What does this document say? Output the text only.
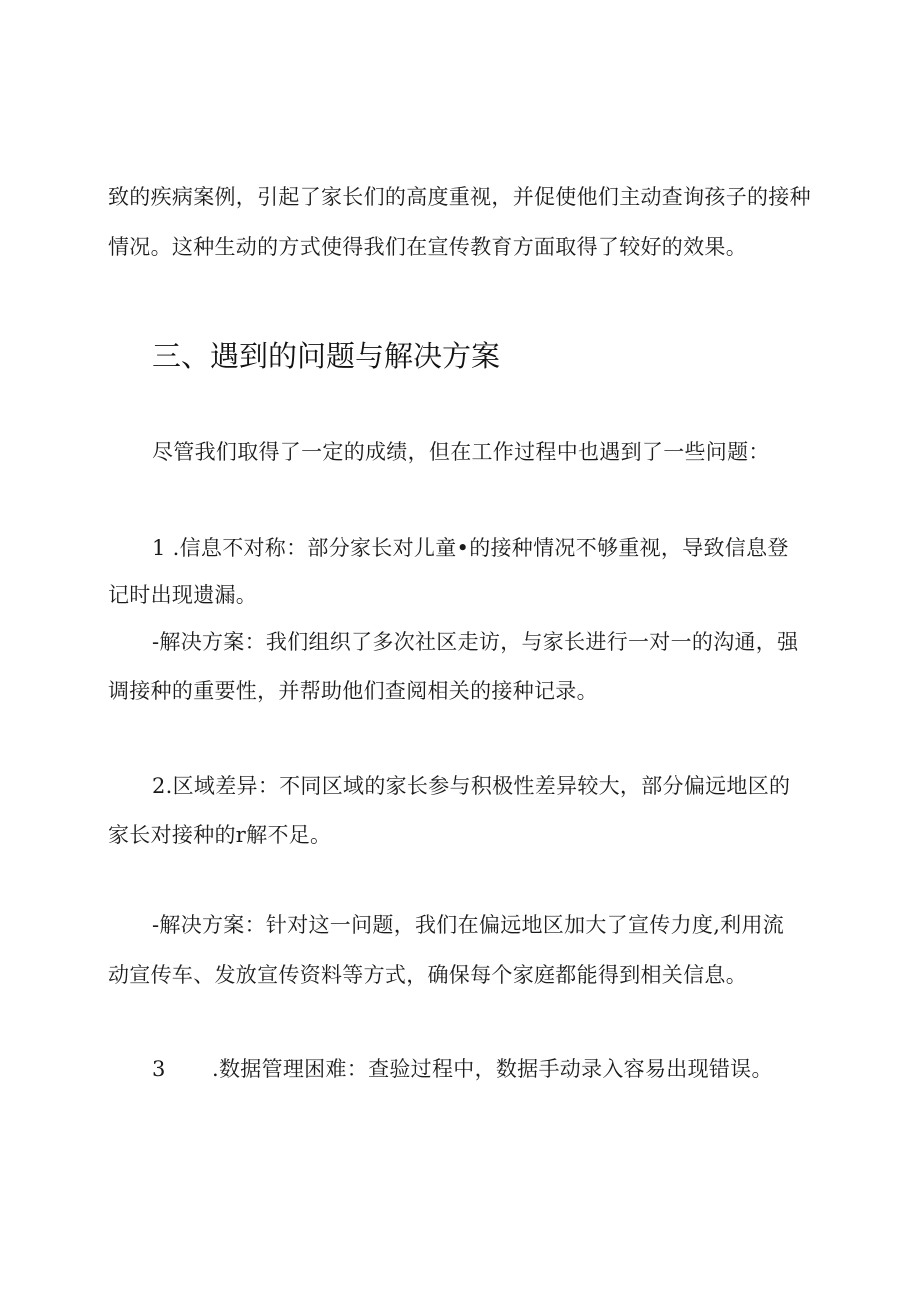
致的疾病案例，引起了家长们的高度重视，并促使他们主动查询孩子的接种
情况。这种生动的方式使得我们在宣传教育方面取得了较好的效果。
三、遇到的问题与解决方案
尽管我们取得了一定的成绩，但在工作过程中也遇到了一些问题：
1 .信息不对称：部分家长对儿童•的接种情况不够重视，导致信息登
记时出现遗漏。
-解决方案：我们组织了多次社区走访，与家长进行一对一的沟通，强
调接种的重要性，并帮助他们查阅相关的接种记录。
2.区域差异：不同区域的家长参与积极性差异较大，部分偏远地区的
家长对接种的r解不足。
-解决方案：针对这一问题，我们在偏远地区加大了宣传力度,利用流
动宣传车、发放宣传资料等方式，确保每个家庭都能得到相关信息。
3 .数据管理困难：查验过程中，数据手动录入容易出现错误。
